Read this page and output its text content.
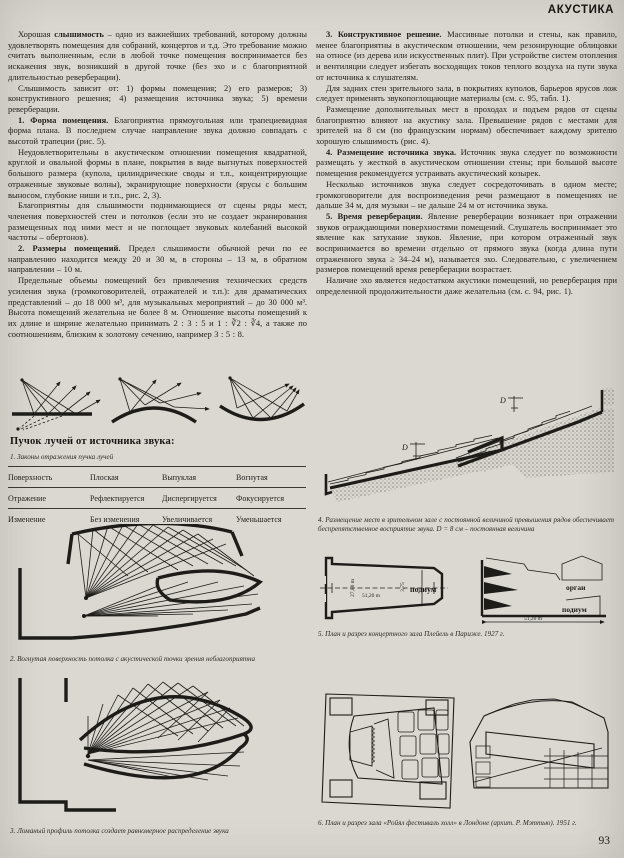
АКУСТИКА

Хорошая слышимость – одно из важнейших требований, которому должны удовлетворять помещения для собраний, концертов и т.д. Это требование можно считать выполненным, если в любой точке помещения воспринимается без искажения звук, возникший в другой точке (без эхо и с благоприятной длительностью реверберации).

Слышимость зависит от: 1) формы помещения; 2) его размеров; 3) конструктивного решения; 4) размещения источника звука; 5) времени реверберации.

1. Форма помещения. Благоприятна прямоугольная или трапециевидная форма плана. В последнем случае направление звука должно совпадать с высотой трапеции (рис. 5).

Неудовлетворительны в акустическом отношении помещения квадратной, круглой и овальной формы в плане, покрытия в виде выгнутых поверхностей большого размера (купола, цилиндрические своды и т.п., концентрирующие отраженные звуковые волны), экранирующие поверхности (ярусы с большим выносом, глубокие ниши и т.п., рис. 2, 3).

Благоприятны для слышимости поднимающиеся от сцены ряды мест, членения поверхностей стен и потолков (если это не создает экранирования размещенных под ними мест и не поглощает звуковых колебаний высокой частоты – обертонов).

2. Размеры помещений. Предел слышимости обычной речи по ее направлению находится между 20 и 30 м, в стороны – 13 м, в обратном направлении – 10 м.

Предельные объемы помещений без привлечения технических средств усиления звука (громкоговорителей, отражателей и т.п.): для драматических представлений – до 18 000 м³, для музыкальных мероприятий – до 30 000 м³. Высота помещений желательна не более 8 м. Отношение высоты помещений к их длине и ширине желательно принимать 2 : 3 : 5 и 1 : ∛2 : ∛4, а также по соотношениям, близким к золотому сечению, например 3 : 5 : 8.

3. Конструктивное решение. Массивные потолки и стены, как правило, менее благоприятны в акустическом отношении, чем резонирующие облицовки на относе (из дерева или искусственных плит). При устройстве систем отопления и вентиляции следует избегать восходящих токов теплого воздуха на пути звука от источника к слушателям.

Для задних стен зрительного зала, в покрытиях куполов, барьеров ярусов лож следует применять звукопоглощающие материалы (см. с. 95, табл. 1).

Размещение дополнительных мест в проходах и подъем рядов от сцены благоприятно влияют на акустику зала. Превышение рядов с местами для зрителей на 8 см (по французским нормам) обеспечивает каждому зрителю хорошую слышимость (рис. 4).

4. Размещение источника звука. Источник звука следует по возможности размещать у жесткой в акустическом отношении стены; при большой высоте помещения рекомендуется устраивать акустический козырек.

Несколько источников звука следует сосредоточивать в одном месте; громкоговорители для воспроизведения речи размещают в помещениях не дальше 34 м, для музыки – не дальше 24 м от источника звука.

5. Время реверберации. Явление реверберации возникает при отражении звуков ограждающими поверхностями помещений. Слушатель воспринимает это явление как затухание звуков. Явление, при котором отраженный звук воспринимается во времени отдельно от прямого звука (когда длина пути отраженного звука ≥ 34–24 м), называется эхо. Следовательно, с увеличением размеров помещений время реверберации возрастает.

Наличие эхо является недостатком акустики помещений, но реверберация при определенной продолжительности даже желательна (см. с. 94, рис. 1).

Пучок лучей от источника звука:
1. Законы отражения пучка лучей
Поверхность	Плоская	Выпуклая	Вогнутая
Отражение	Рефлектируется	Диспергируется	Фокусируется
Изменение	Без изменения	Увеличивается	Уменьшается
2. Вогнутая поверхность потолка с акустической точки зрения неблагоприятна
3. Ломаный профиль потолка создает равномерное распределение звука
D
D
4. Размещение мест в зрительном зале с постоянной величиной превышения рядов обеспечивает беспрепятственное восприятие звука. D = 8 см – постоянная величина
27,80 m 51,20 m
3,75 подиум	орган
подиум
51,20 m
5. План и разрез концертного зала Плейель в Париже. 1927 г.
6. План и разрез зала «Ройял фестиваль холл» в Лондоне (архит. Р. Мэттью). 1951 г.
93
